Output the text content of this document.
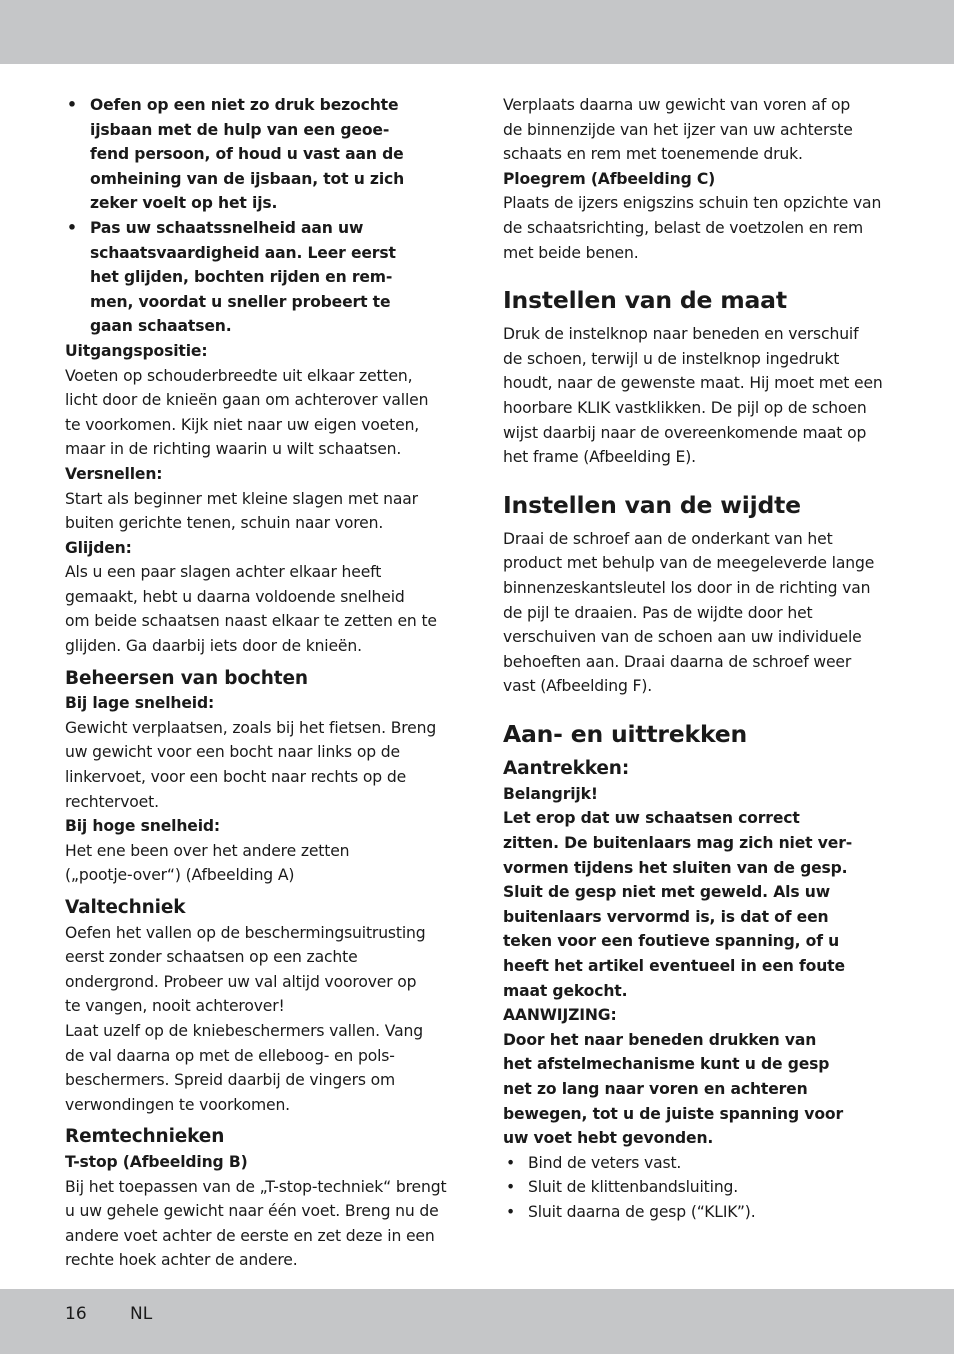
• Oefen op een niet zo druk bezochte
ijsbaan met de hulp van een geoe-
fend persoon, of houd u vast aan de
omheining van de ijsbaan, tot u zich
zeker voelt op het ijs.
• Pas uw schaatssnelheid aan uw
schaatsvaardigheid aan. Leer eerst
het glijden, bochten rijden en rem-
men, voordat u sneller probeert te
gaan schaatsen.

Uitgangspositie:

Voeten op schouderbreedte uit elkaar zetten,
licht door de knieën gaan om achterover vallen
te voorkomen. Kijk niet naar uw eigen voeten,
maar in de richting waarin u wilt schaatsen.

Versnellen:

Start als beginner met kleine slagen met naar
buiten gerichte tenen, schuin naar voren.

Glijden:

Als u een paar slagen achter elkaar heeft
gemaakt, hebt u daarna voldoende snelheid
om beide schaatsen naast elkaar te zetten en te
glijden. Ga daarbij iets door de knieën.

Beheersen van bochten

Bij lage snelheid:

Gewicht verplaatsen, zoals bij het fietsen. Breng
uw gewicht voor een bocht naar links op de
linkervoet, voor een bocht naar rechts op de
rechtervoet.

Bij hoge snelheid:

Het ene been over het andere zetten
(„pootje-over“) (Afbeelding A)

Valtechniek

Oefen het vallen op de beschermingsuitrusting
eerst zonder schaatsen op een zachte
ondergrond. Probeer uw val altijd voorover op
te vangen, nooit achterover!
Laat uzelf op de kniebeschermers vallen. Vang
de val daarna op met de elleboog- en pols-
beschermers. Spreid daarbij de vingers om
verwondingen te voorkomen.

Remtechnieken

T-stop (Afbeelding B)

Bij het toepassen van de „T-stop-techniek“ brengt
u uw gehele gewicht naar één voet. Breng nu de
andere voet achter de eerste en zet deze in een
rechte hoek achter de andere.

Verplaats daarna uw gewicht van voren af op
de binnenzijde van het ijzer van uw achterste
schaats en rem met toenemende druk.

Ploegrem (Afbeelding C)

Plaats de ijzers enigszins schuin ten opzichte van
de schaatsrichting, belast de voetzolen en rem
met beide benen.

Instellen van de maat

Druk de instelknop naar beneden en verschuif
de schoen, terwijl u de instelknop ingedrukt
houdt, naar de gewenste maat. Hij moet met een
hoorbare KLIK vastklikken. De pijl op de schoen
wijst daarbij naar de overeenkomende maat op
het frame (Afbeelding E).

Instellen van de wijdte

Draai de schroef aan de onderkant van het
product met behulp van de meegeleverde lange
binnenzeskantsleutel los door in de richting van
de pijl te draaien. Pas de wijdte door het
verschuiven van de schoen aan uw individuele
behoeften aan. Draai daarna de schroef weer
vast (Afbeelding F).

Aan- en uittrekken
Aantrekken:

Belangrijk!

Let erop dat uw schaatsen correct
zitten. De buitenlaars mag zich niet ver-
vormen tijdens het sluiten van de gesp.
Sluit de gesp niet met geweld. Als uw
buitenlaars vervormd is, is dat of een
teken voor een foutieve spanning, of u
heeft het artikel eventueel in een foute
maat gekocht.

AANWIJZING:

Door het naar beneden drukken van
het afstelmechanisme kunt u de gesp
net zo lang naar voren en achteren
bewegen, tot u de juiste spanning voor
uw voet hebt gevonden.

• Bind de veters vast.
• Sluit de klittenbandsluiting.
• Sluit daarna de gesp (“KLIK”).
16	NL
